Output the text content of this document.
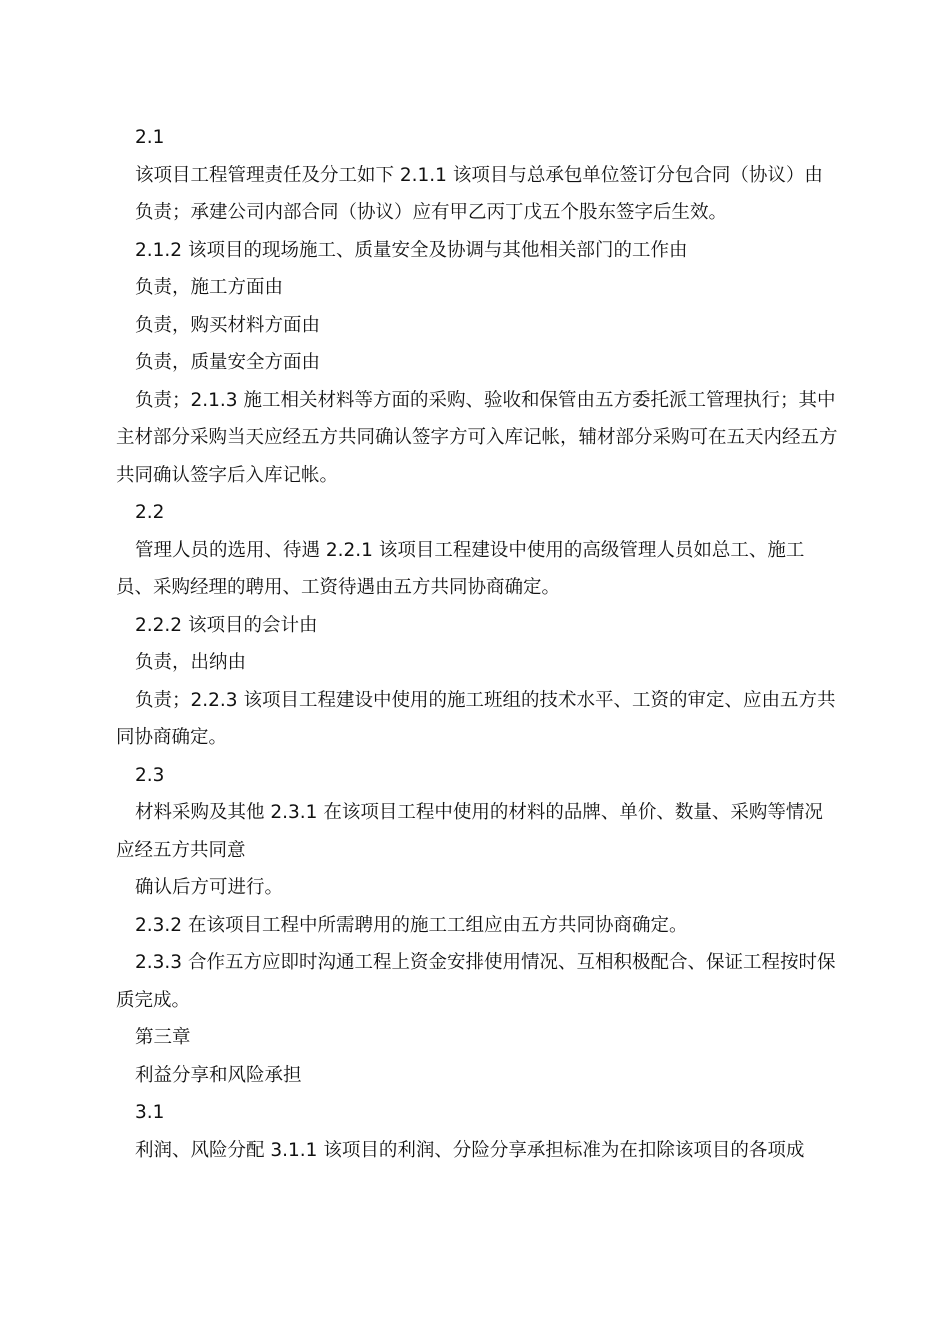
2.1

该项目工程管理责任及分工如下 2.1.1 该项目与总承包单位签订分包合同（协议）由

负责；承建公司内部合同（协议）应有甲乙丙丁戊五个股东签字后生效。

2.1.2 该项目的现场施工、质量安全及协调与其他相关部门的工作由

负责，施工方面由

负责，购买材料方面由

负责，质量安全方面由

负责；2.1.3 施工相关材料等方面的采购、验收和保管由五方委托派工管理执行；其中主材部分采购当天应经五方共同确认签字方可入库记帐，辅材部分采购可在五天内经五方共同确认签字后入库记帐。

2.2

管理人员的选用、待遇 2.2.1 该项目工程建设中使用的高级管理人员如总工、施工员、采购经理的聘用、工资待遇由五方共同协商确定。

2.2.2 该项目的会计由

负责，出纳由

负责；2.2.3 该项目工程建设中使用的施工班组的技术水平、工资的审定、应由五方共同协商确定。

2.3

材料采购及其他 2.3.1 在该项目工程中使用的材料的品牌、单价、数量、采购等情况应经五方共同意

确认后方可进行。

2.3.2 在该项目工程中所需聘用的施工工组应由五方共同协商确定。

2.3.3 合作五方应即时沟通工程上资金安排使用情况、互相积极配合、保证工程按时保质完成。

第三章

利益分享和风险承担

3.1

利润、风险分配 3.1.1 该项目的利润、分险分享承担标准为在扣除该项目的各项成
